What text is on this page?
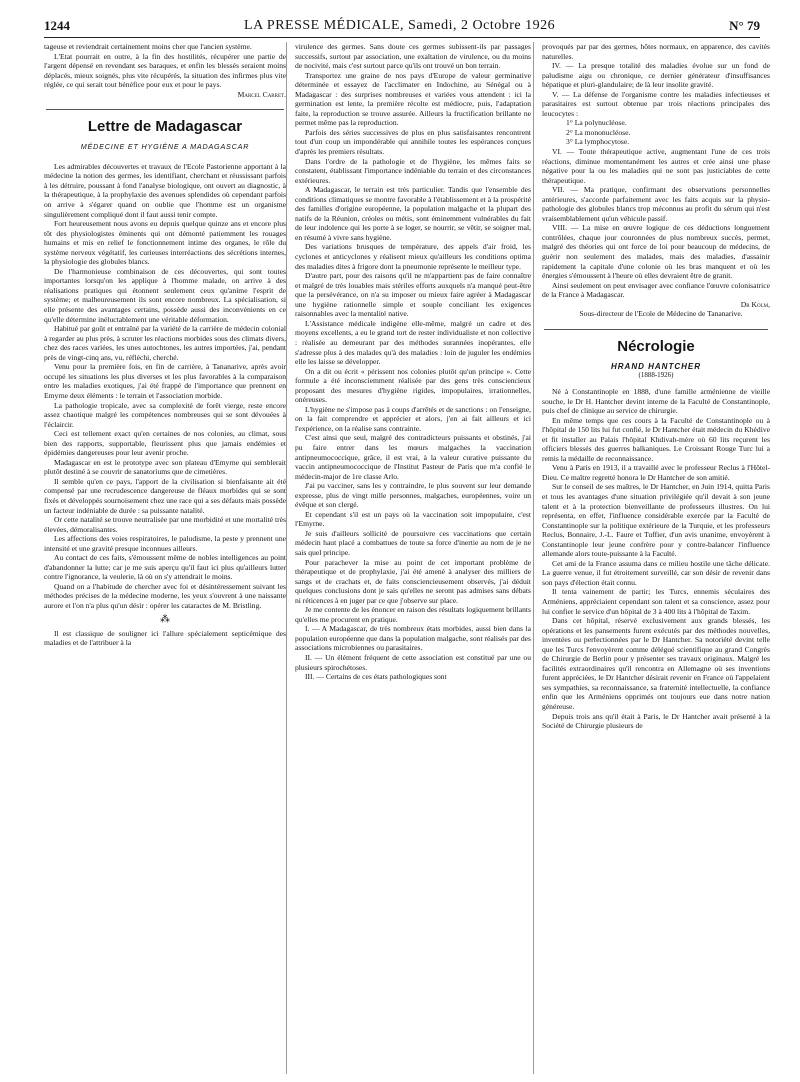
1244	LA PRESSE MÉDICALE, Samedi, 2 Octobre 1926	N° 79

tageuse et reviendrait certainement moins cher que l'ancien système.

L'Etat pourrait en outre, à la fin des hostilités, récupérer une partie de l'argent dépensé en revendant ses baraques, et enfin les blessés seraient moins déplacés, mieux soignés, plus vite récupérés, la situation des infirmes plus vite réglée, ce qui serait tout bénéfice pour eux et pour le pays.

Marcel Carret.

Lettre de Madagascar
MÉDECINE ET HYGIÈNE A MADAGASCAR

Les admirables découvertes et travaux de l'Ecole Pastorienne apportant à la médecine la notion des germes, les identifiant, cherchant et réussissant parfois à les détruire, poussant à fond l'analyse biologique, ont ouvert au diagnostic, à la thérapeutique, à la prophylaxie des avenues splendides où cependant parfois on arrive à s'égarer quand on oublie que l'homme est un organisme singulièrement compliqué dont il faut aussi tenir compte.

Fort heureusement nous avons eu depuis quelque quinze ans et encore plus tôt des physiologistes éminents qui ont démonté patiemment les rouages humains et mis en relief le fonctionnement intime des organes, le rôle du système nerveux végétatif, les curieuses interréactions des sécrétions internes, la physiologie des globules blancs.

De l'harmonieuse combinaison de ces découvertes, qui sont toutes importantes lorsqu'on les applique à l'homme malade, on arrive à des réalisations pratiques qui étonnent seulement ceux qu'anime l'esprit de système; et malheureusement ils sont encore nombreux. La spécialisation, si elle présente des avantages certains, possède aussi des inconvénients en ce qu'elle détermine inéluctablement une véritable déformation.

Habitué par goût et entraîné par la variété de la carrière de médecin colonial à regarder au plus près, à scruter les réactions morbides sous des climats divers, chez des races variées, les unes autochtones, les autres importées, j'ai, pendant près de vingt-cinq ans, vu, réfléchi, cherché.

Venu pour la première fois, en fin de carrière, à Tananarive, après avoir occupé les situations les plus diverses et les plus favorables à la comparaison entre les maladies exotiques, j'ai été frappé de l'importance que prennent en Emyrne deux éléments : le terrain et l'association morbide.

La pathologie tropicale, avec sa complexité de forêt vierge, reste encore assez chaotique malgré les compétences nombreuses qui se sont dévouées à l'éclaircir.

Ceci est tellement exact qu'en certaines de nos colonies, au climat, sous bien des rapports, supportable, fleurissent plus que jamais endémies et épidémies dangereuses pour leur avenir proche.

Madagascar en est le prototype avec son plateau d'Emyrne qui semblerait plutôt destiné à se couvrir de sanatoriums que de cimetières.

Il semble qu'en ce pays, l'apport de la civilisation si bienfaisante ait été compensé par une recrudescence dangereuse de fléaux morbides qui se sont fixés et développés sournoisement chez une race qui a ses défauts mais possède un facteur indéniable de durée : sa puissante natalité.

Or cette natalité se trouve neutralisée par une morbidité et une mortalité très élevées, démoralisantes.

Les affections des voies respiratoires, le paludisme, la peste y prennent une intensité et une gravité presque inconnues ailleurs.

Au contact de ces faits, s'émoussent même de nobles intelligences au point d'abandonner la lutte; car je me suis aperçu qu'il faut ici plus qu'ailleurs lutter contre l'ignorance, la veulerie, là où on s'y attendrait le moins.

Quand on a l'habitude de chercher avec foi et désintéressement suivant les méthodes précises de la médecine moderne, les yeux s'ouvrent à une naissante aurore et l'on n'a plus qu'un désir : opérer les cataractes de M. Bristling.

⁂

Il est classique de souligner ici l'allure spécialement septicémique des maladies et de l'attribuer à la

virulence des germes. Sans doute ces germes subissent-ils par passages successifs, surtout par association, une exaltation de virulence, ou du moins de nocivité, mais c'est surtout parce qu'ils ont trouvé un bon terrain.

Transportez une graine de nos pays d'Europe de valeur germinative déterminée et essayez de l'acclimater en Indochine, au Sénégal ou à Madagascar : des surprises nombreuses et variées vous attendent : ici la germination est lente, la première récolte est médiocre, puis, l'adaptation faite, la reproduction se trouve assurée. Ailleurs la fructification brillante ne permet même pas la reproduction.

Parfois des séries successives de plus en plus satisfaisantes rencontrent tout d'un coup un impondérable qui annihile toutes les espérances conçues d'après les premiers résultats.

Dans l'ordre de la pathologie et de l'hygiène, les mêmes faits se constatent, établissant l'importance indéniable du terrain et des circonstances extérieures.

A Madagascar, le terrain est très particulier. Tandis que l'ensemble des conditions climatiques se montre favorable à l'établissement et à la prospérité des familles d'origine européenne, la population malgache et la plupart des natifs de la Réunion, créoles ou métis, sont éminemment vulnérables du fait de leur indolence qui les porte à se loger, se nourrir, se vêtir, se soigner mal, en résumé à vivre sans hygiène.

Des variations brusques de température, des appels d'air froid, les cyclones et anticyclones y réalisent mieux qu'ailleurs les conditions optima des maladies dites à frigore dont la pneumonie représente le meilleur type.

D'autre part, pour des raisons qu'il ne m'appartient pas de faire connaître et malgré de très louables mais stériles efforts auxquels n'a manqué peut-être que la persévérance, on n'a su imposer ou mieux faire agréer à Madagascar une hygiène rationnelle simple et souple conciliant les exigences raisonnables avec la mentalité native.

L'Assistance médicale indigène elle-même, malgré un cadre et des moyens excellents, a eu le grand tort de rester individualiste et non collective : réalisée au demeurant par des méthodes surannées inopérantes, elle s'adresse plus à des malades qu'à des maladies : loin de juguler les endémies elle les laisse se développer.

On a dit ou écrit « périssent nos colonies plutôt qu'un principe ». Cette formule a été inconsciemment réalisée par des gens très consciencieux proposant des mesures d'hygiène rigides, impopulaires, irrationnelles, onéreuses.

L'hygiène ne s'impose pas à coups d'arrêtés et de sanctions : on l'enseigne, on la fait comprendre et apprécier et alors, j'en ai fait ailleurs et ici l'expérience, on la réalise sans contrainte.

C'est ainsi que seul, malgré des contradicteurs puissants et obstinés, j'ai pu faire entrer dans les mœurs malgaches la vaccination antipneumococcique, grâce, il est vrai, à la valeur curative puissante du vaccin antipneumococcique de l'Institut Pasteur de Paris que m'a confié le médecin-major de 1re classe Arlo.

J'ai pu vacciner, sans les y contraindre, le plus souvent sur leur demande expresse, plus de vingt mille personnes, malgaches, européennes, voire un évêque et son clergé.

Et cependant s'il est un pays où la vaccination soit impopulaire, c'est l'Emyrne.

Je suis d'ailleurs sollicité de poursuivre ces vaccinations que certain médecin haut placé a combattues de toute sa force d'inertie au nom de je ne sais quel principe.

Pour parachever la mise au point de cet important problème de thérapeutique et de prophylaxie, j'ai été amené à analyser des milliers de sangs et de crachats et, de faits consciencieusement observés, j'ai déduit quelques conclusions dont je sais qu'elles ne seront pas admises sans débats ni réticences à en juger par ce que j'observe sur place.

Je me contente de les énoncer en raison des résultats logiquement brillants qu'elles me procurent en pratique.

I. — A Madagascar, de très nombreux états morbides, aussi bien dans la population européenne que dans la population malgache, sont réalisés par des associations microbiennes ou parasitaires.

II. — Un élément fréquent de cette association est constitué par une ou plusieurs spirochétoses.

III. — Certains de ces états pathologiques sont

provoqués par par des germes, hôtes normaux, en apparence, des cavités naturelles.

IV. — La presque totalité des maladies évolue sur un fond de paludisme aigu ou chronique, ce dernier générateur d'insuffisances hépatique et pluri-glandulaire; de là leur insolite gravité.

V. — La défense de l'organisme contre les maladies infectieuses et parasitaires est surtout obtenue par trois réactions principales des leucocytes :

1° La polynucléose.
2° La mononucléose.
3° La lymphocytose.

VI. — Toute thérapeutique active, augmentant l'une de ces trois réactions, diminue momentanément les autres et crée ainsi une phase négative pour la ou les maladies qui ne sont pas justiciables de cette thérapeutique.

VII. — Ma pratique, confirmant des observations personnelles antérieures, s'accorde parfaitement avec les faits acquis sur la physio-pathologie des globules blancs trop méconnus au profit du sérum qui n'est vraisemblablement qu'un véhicule passif.

VIII. — La mise en œuvre logique de ces déductions longuement contrôlées, chaque jour couronnées de plus nombreux succès, permet, malgré des théories qui ont force de loi pour beaucoup de médecins, de guérir non seulement des malades, mais des maladies, d'assainir rapidement la capitale d'une colonie où les bras manquent et où les énergies s'émoussent à l'heure où elles devraient être de granit.

Ainsi seulement on peut envisager avec confiance l'œuvre colonisatrice de la France à Madagascar.

Dr Kolm,

Sous-directeur de l'Ecole de Médecine de Tananarive.

Nécrologie
HRAND HANTCHER
(1888-1926)

Né à Constantinople en 1888, d'une famille arménienne de vieille souche, le Dr H. Hantcher devint interne de la Faculté de Constantinople, puis chef de clinique au service de chirurgie.

En même temps que ces cours à la Faculté de Constantinople ou à l'hôpital de 150 lits lui fut confié, le Dr Hantcher était médecin du Khédive et fit installer au Palais l'hôpital Khdivah-mère où 60 lits reçurent les officiers blessés des guerres balkaniques. Le Croissant Rouge Turc lui a remis la médaille de reconnaissance.

Venu à Paris en 1913, il a travaillé avec le professeur Reclus à l'Hôtel-Dieu. Ce maître regretté honora le Dr Hantcher de son amitié.

Sur le conseil de ses maîtres, le Dr Hantcher, en Juin 1914, quitta Paris et tous les avantages d'une situation privilégiée qu'il devait à son jeune talent et à la protection bienveillante de professeurs illustres. On lui représenta, en effet, l'influence considérable exercée par la Faculté de Constantinople sur la politique extérieure de la Turquie, et les professeurs Reclus, Bonnaire, J.-L. Faure et Tuffier, d'un avis unanime, envoyèrent à Constantinople leur jeune confrère pour y contre-balancer l'influence allemande alors toute-puissante à la Faculté.

Cet ami de la France assuma dans ce milieu hostile une tâche délicate. La guerre venue, il fut étroitement surveillé, car son désir de revenir dans son pays d'élection était connu.

Il tenta vainement de partir; les Turcs, ennemis séculaires des Arméniens, appréciaient cependant son talent et sa conscience, assez pour lui confier le service d'un hôpital de 3 à 400 lits à l'hôpital de Taxim.

Dans cet hôpital, réservé exclusivement aux grands blessés, les opérations et les pansements furent exécutés par des méthodes nouvelles, inventées ou perfectionnées par le Dr Hantcher. Sa notoriété devint telle que les Turcs l'envoyèrent comme délégué scientifique au grand Congrès de Chirurgie de Berlin pour y présenter ses travaux originaux. Malgré les facilités extraordinaires qu'il rencontra en Allemagne où ses inventions furent appréciées, le Dr Hantcher désirait revenir en France où l'appelaient ses sympathies, sa reconnaissance, sa fraternité intellectuelle, la confiance enfin que les Arméniens opprimés ont toujours eue dans notre nation généreuse.

Depuis trois ans qu'il était à Paris, le Dr Hantcher avait présenté à la Société de Chirurgie plusieurs de
